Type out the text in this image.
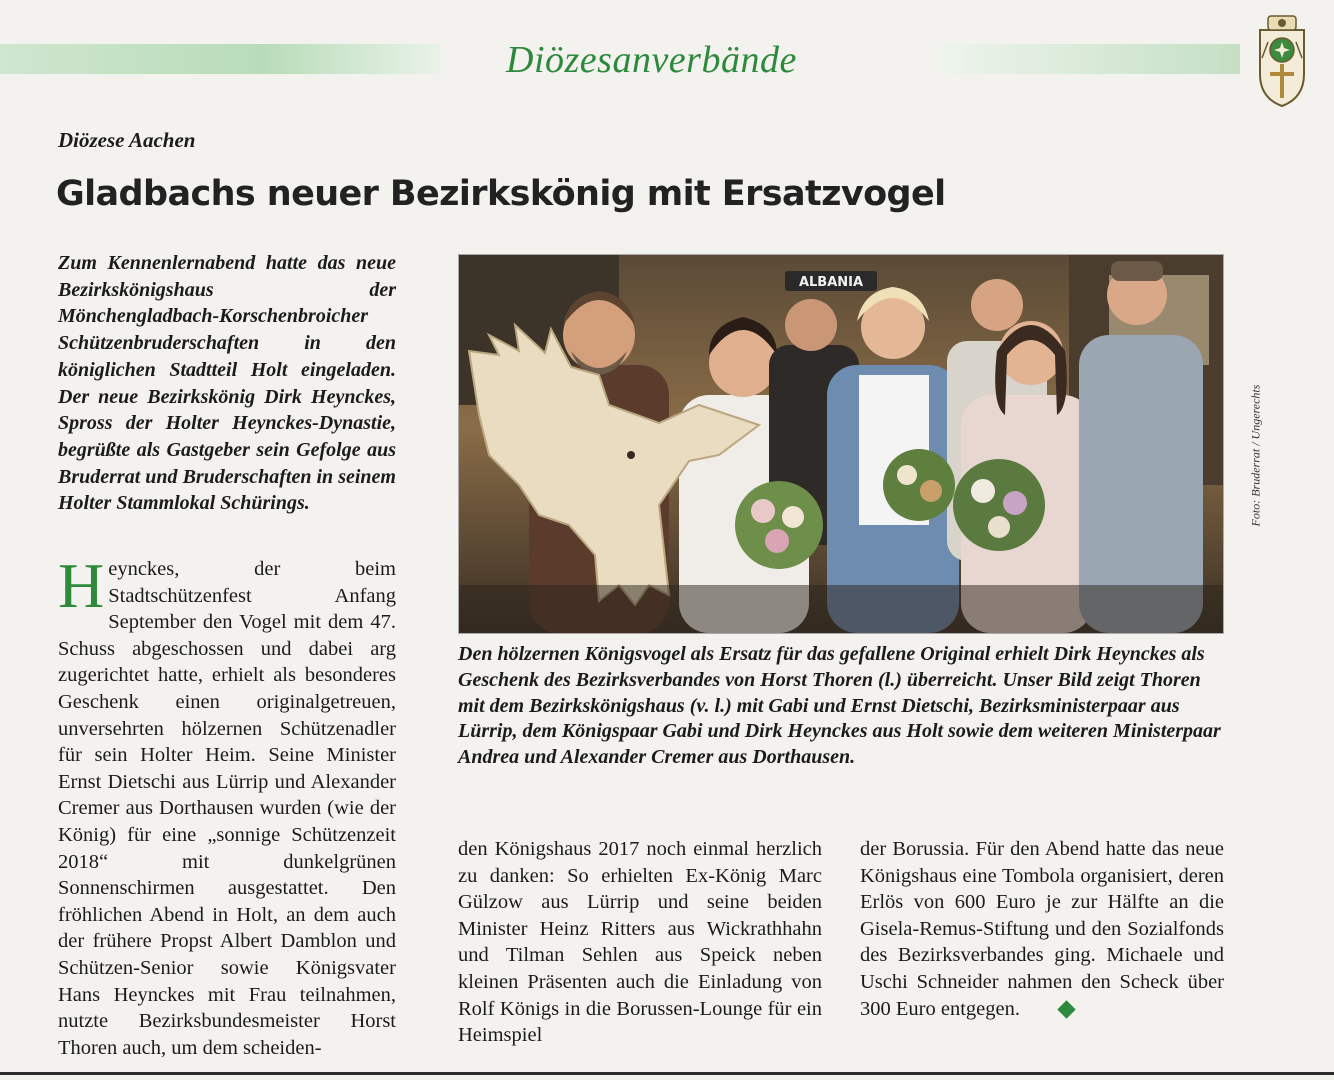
Diözesanverbände
Diözese Aachen
Gladbachs neuer Bezirkskönig mit Ersatzvogel

Zum Kennenlernabend hatte das neue Bezirkskönigshaus der Mönchengladbach-Korschenbroicher Schützenbruderschaften in den königlichen Stadtteil Holt eingeladen. Der neue Bezirkskönig Dirk Heynckes, Spross der Holter Heynckes-Dynastie, begrüßte als Gastgeber sein Gefolge aus Bruderrat und Bruderschaften in seinem Holter Stammlokal Schürings.

Heynckes, der beim Stadtschützenfest Anfang September den Vogel mit dem 47. Schuss abgeschossen und dabei arg zugerichtet hatte, erhielt als besonderes Geschenk einen originalgetreuen, unversehrten hölzernen Schützenadler für sein Holter Heim. Seine Minister Ernst Dietschi aus Lürrip und Alexander Cremer aus Dorthausen wurden (wie der König) für eine „sonnige Schützenzeit 2018“ mit dunkelgrünen Sonnenschirmen ausgestattet. Den fröhlichen Abend in Holt, an dem auch der frühere Propst Albert Damblon und Schützen-Senior sowie Königsvater Hans Heynckes mit Frau teilnahmen, nutzte Bezirksbundesmeister Horst Thoren auch, um dem scheiden-

ALBANIA
Foto: Bruderrat / Ungerechts

Den hölzernen Königsvogel als Ersatz für das gefallene Original erhielt Dirk Heynckes als Geschenk des Bezirksverbandes von Horst Thoren (l.) überreicht. Unser Bild zeigt Thoren mit dem Bezirkskönigshaus (v. l.) mit Gabi und Ernst Dietschi, Bezirksministerpaar aus Lürrip, dem Königspaar Gabi und Dirk Heynckes aus Holt sowie dem weiteren Ministerpaar Andrea und Alexander Cremer aus Dorthausen.

den Königshaus 2017 noch einmal herzlich zu danken: So erhielten Ex-König Marc Gülzow aus Lürrip und seine beiden Minister Heinz Ritters aus Wickrathhahn und Tilman Sehlen aus Speick neben kleinen Präsenten auch die Einladung von Rolf Königs in die Borussen-Lounge für ein Heimspiel

der Borussia. Für den Abend hatte das neue Königshaus eine Tombola organisiert, deren Erlös von 600 Euro je zur Hälfte an die Gisela-Remus-Stiftung und den Sozialfonds des Bezirksverbandes ging. Michaele und Uschi Schneider nahmen den Scheck über 300 Euro entgegen.
